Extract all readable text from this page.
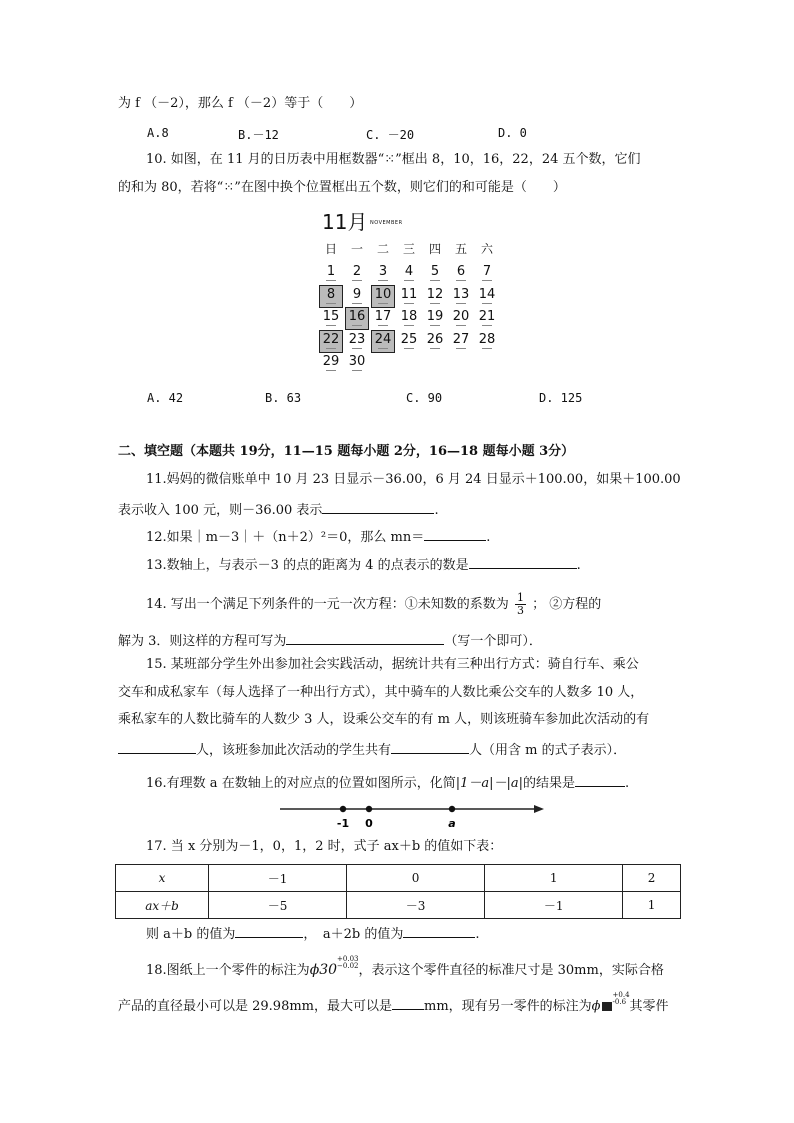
为 f （－2），那么 f （－2）等于（　　）
A.8	B.－12	C. －20	D. 0
10. 如图，在 11 月的日历表中用框数器“⁙”框出 8，10，16，22，24 五个数，它们
的和为 80，若将“⁙”在图中换个位置框出五个数，则它们的和可能是（　　）
11月 NOVEMBER
日	一	二	三	四	五	六
1	2	3	4	5	6	7
8	9	10 11 12 13 14
15 16 17 18 19 20 21
22 23 24 25 26 27 28
29 30
A. 42	B. 63	C. 90	D. 125
二、填空题（本题共 19分，11—15 题每小题 2分，16—18 题每小题 3分）
11.妈妈的微信账单中 10 月 23 日显示－36.00，6 月 24 日显示＋100.00，如果＋100.00
表示收入 100 元，则－36.00 表示	.
12.如果｜m－3｜＋（n＋2）²＝0，那么 mn＝	.
13.数轴上，与表示－3 的点的距离为 4 的点表示的数是	.
14. 写出一个满足下列条件的一元一次方程：①未知数的系数为 $\frac{1}{3}$ ； ②方程的
解为 3．则这样的方程可写为	（写一个即可）．
15. 某班部分学生外出参加社会实践活动，据统计共有三种出行方式：骑自行车、乘公
交车和成私家车（每人选择了一种出行方式），其中骑车的人数比乘公交车的人数多 10 人，
乘私家车的人数比骑车的人数少 3 人，设乘公交车的有 m 人，则该班骑车参加此次活动的有
人，该班参加此次活动的学生共有	人（用含 m 的式子表示）．
16.有理数 a 在数轴上的对应点的位置如图所示，化简|1－a|－|a|的结果是	.
-1 0	a
17. 当 x 分别为－1，0，1，2 时，式子 ax＋b 的值如下表：
x	－1	0	1	2
ax＋b	－5	－3	－1	1
则 a＋b 的值为	，　a＋2b 的值为	.
18.图纸上一个零件的标注为ϕ30
+0.03
−0.02 ，表示这个零件直径的标准尺寸是 30mm，实际合格
产品的直径最小可以是 29.98mm，最大可以是 mm，现有另一零件的标注为ϕ
+0.4
-0.6 其零件
